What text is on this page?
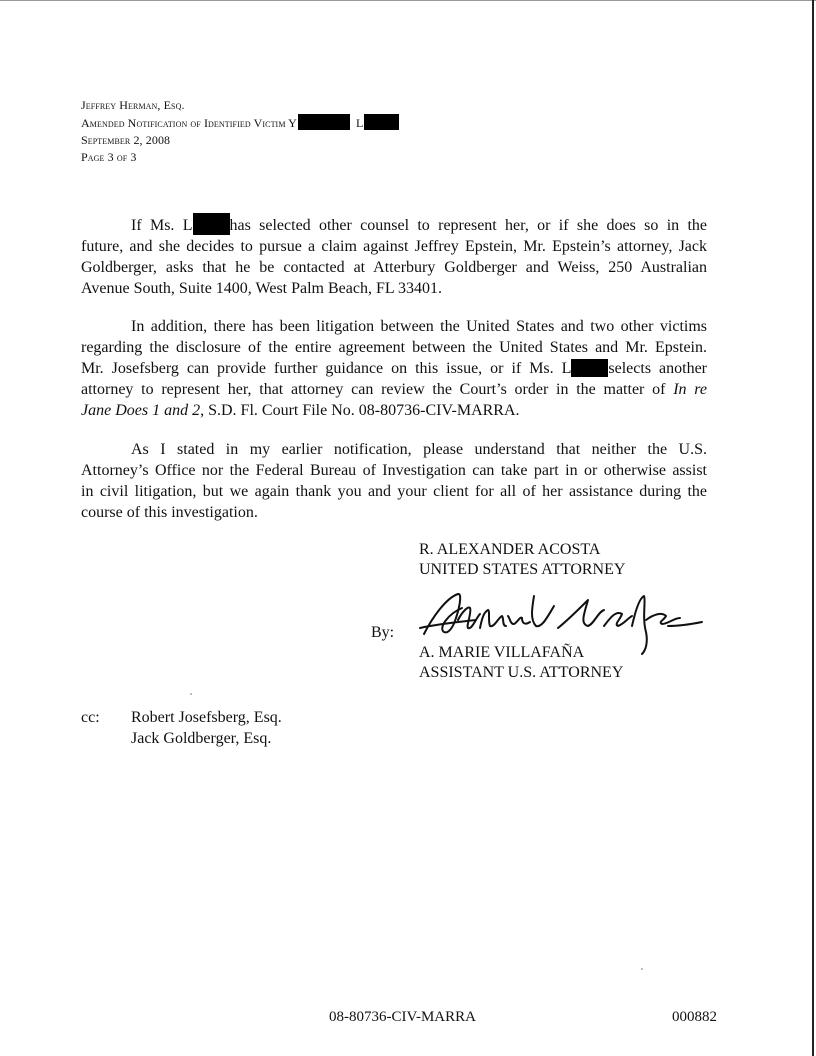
Jeffrey Herman, Esq.
Amended Notification of Identified Victim Y	L
September 2, 2008
Page 3 of 3
If Ms. L has selected other counsel to represent her, or if she does so in the
future, and she decides to pursue a claim against Jeffrey Epstein, Mr. Epstein’s attorney, Jack
Goldberger, asks that he be contacted at Atterbury Goldberger and Weiss, 250 Australian
Avenue South, Suite 1400, West Palm Beach, FL 33401.
In addition, there has been litigation between the United States and two other victims
regarding the disclosure of the entire agreement between the United States and Mr. Epstein.
Mr. Josefsberg can provide further guidance on this issue, or if Ms. L selects another
attorney to represent her, that attorney can review the Court’s order in the matter of In re
Jane Does 1 and 2, S.D. Fl. Court File No. 08-80736-CIV-MARRA.
As I stated in my earlier notification, please understand that neither the U.S.
Attorney’s Office nor the Federal Bureau of Investigation can take part in or otherwise assist
in civil litigation, but we again thank you and your client for all of her assistance during the
course of this investigation.
R. ALEXANDER ACOSTA
UNITED STATES ATTORNEY
By:
A. MARIE VILLAFAÑA
ASSISTANT U.S. ATTORNEY
cc: Robert Josefsberg, Esq.
Jack Goldberger, Esq.
08-80736-CIV-MARRA	000882
